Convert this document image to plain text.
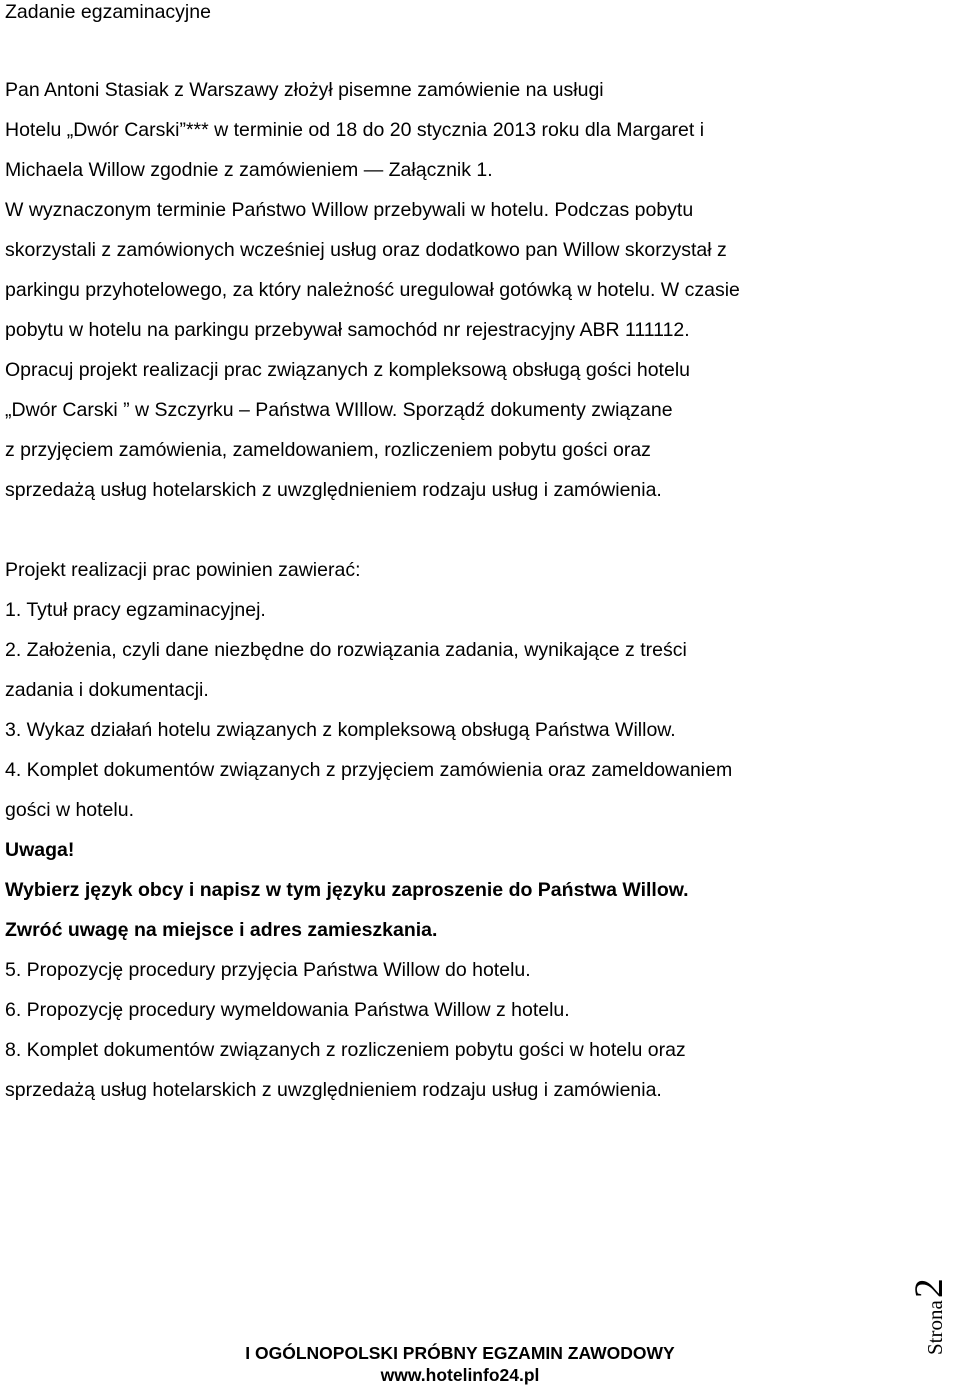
Zadanie egzaminacyjne
Pan Antoni Stasiak z Warszawy złożył pisemne zamówienie na usługi
Hotelu „Dwór Carski”*** w terminie od 18 do 20 stycznia 2013 roku dla Margaret i
Michaela Willow zgodnie z zamówieniem — Załącznik 1.
W wyznaczonym terminie Państwo Willow przebywali w hotelu. Podczas pobytu
skorzystali z zamówionych wcześniej usług oraz dodatkowo pan Willow skorzystał z
parkingu przyhotelowego, za który należność uregulował gotówką w hotelu. W czasie
pobytu w hotelu na parkingu przebywał samochód nr rejestracyjny ABR 111112.
Opracuj projekt realizacji prac związanych z kompleksową obsługą gości hotelu
„Dwór Carski ” w Szczyrku – Państwa WIllow. Sporządź dokumenty związane
z przyjęciem zamówienia, zameldowaniem, rozliczeniem pobytu gości oraz
sprzedażą usług hotelarskich z uwzględnieniem rodzaju usług i zamówienia.
Projekt realizacji prac powinien zawierać:
1. Tytuł pracy egzaminacyjnej.
2. Założenia, czyli dane niezbędne do rozwiązania zadania, wynikające z treści
zadania i dokumentacji.
3. Wykaz działań hotelu związanych z kompleksową obsługą Państwa Willow.
4. Komplet dokumentów związanych z przyjęciem zamówienia oraz zameldowaniem
gości w hotelu.
Uwaga!
Wybierz język obcy i napisz w tym języku zaproszenie do Państwa Willow.
Zwróć uwagę na miejsce i adres zamieszkania.
5. Propozycję procedury przyjęcia Państwa Willow do hotelu.
6. Propozycję procedury wymeldowania Państwa Willow z hotelu.
8. Komplet dokumentów związanych z rozliczeniem pobytu gości w hotelu oraz
sprzedażą usług hotelarskich z uwzględnieniem rodzaju usług i zamówienia.
Strona2
I OGÓLNOPOLSKI PRÓBNY EGZAMIN ZAWODOWY
www.hotelinfo24.pl
